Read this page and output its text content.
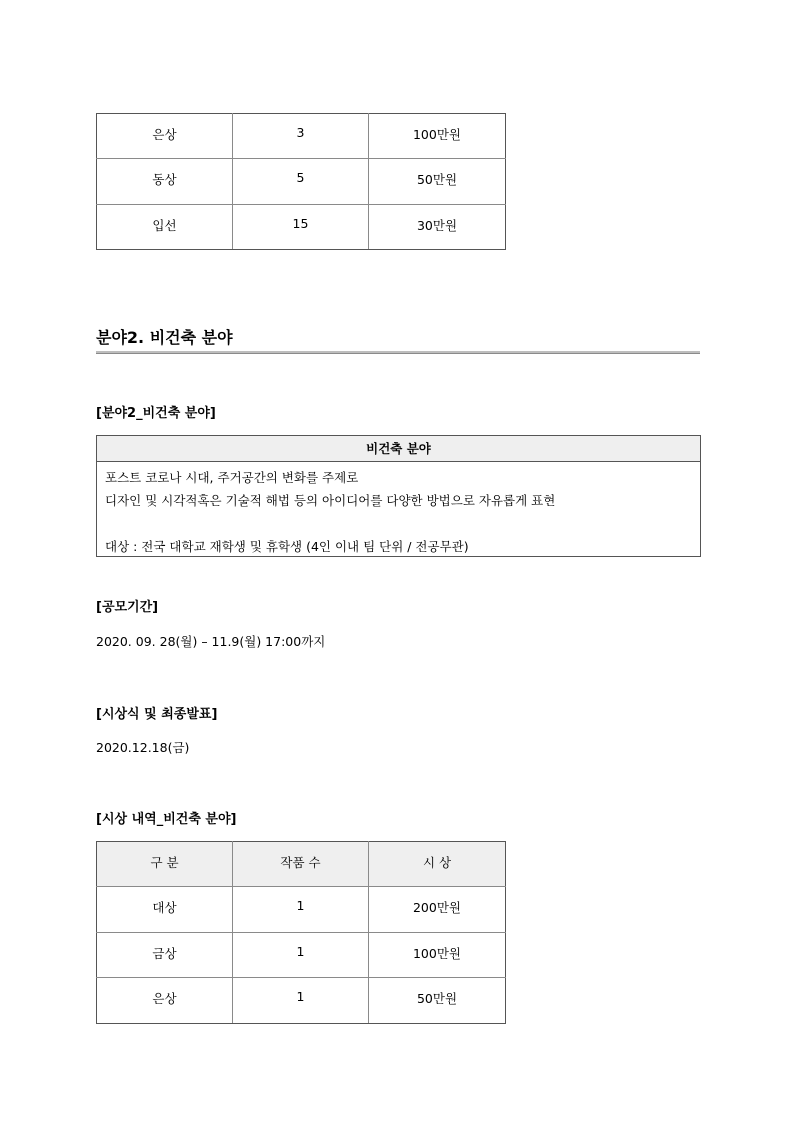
은상	3	100만원
동상	5	50만원
입선	15	30만원
분야2. 비건축 분야
[분야2_비건축 분야]
비건축 분야
포스트 코로나 시대, 주거공간의 변화를 주제로
디자인 및 시각적혹은 기술적 해법 등의 아이디어를 다양한 방법으로 자유롭게 표현
대상 : 전국 대학교 재학생 및 휴학생 (4인 이내 팀 단위 / 전공무관)
[공모기간]
2020. 09. 28(월) – 11.9(월) 17:00까지
[시상식 및 최종발표]
2020.12.18(금)
[시상 내역_비건축 분야]
구 분	작품 수	시 상
대상	1	200만원
금상	1	100만원
은상	1	50만원
